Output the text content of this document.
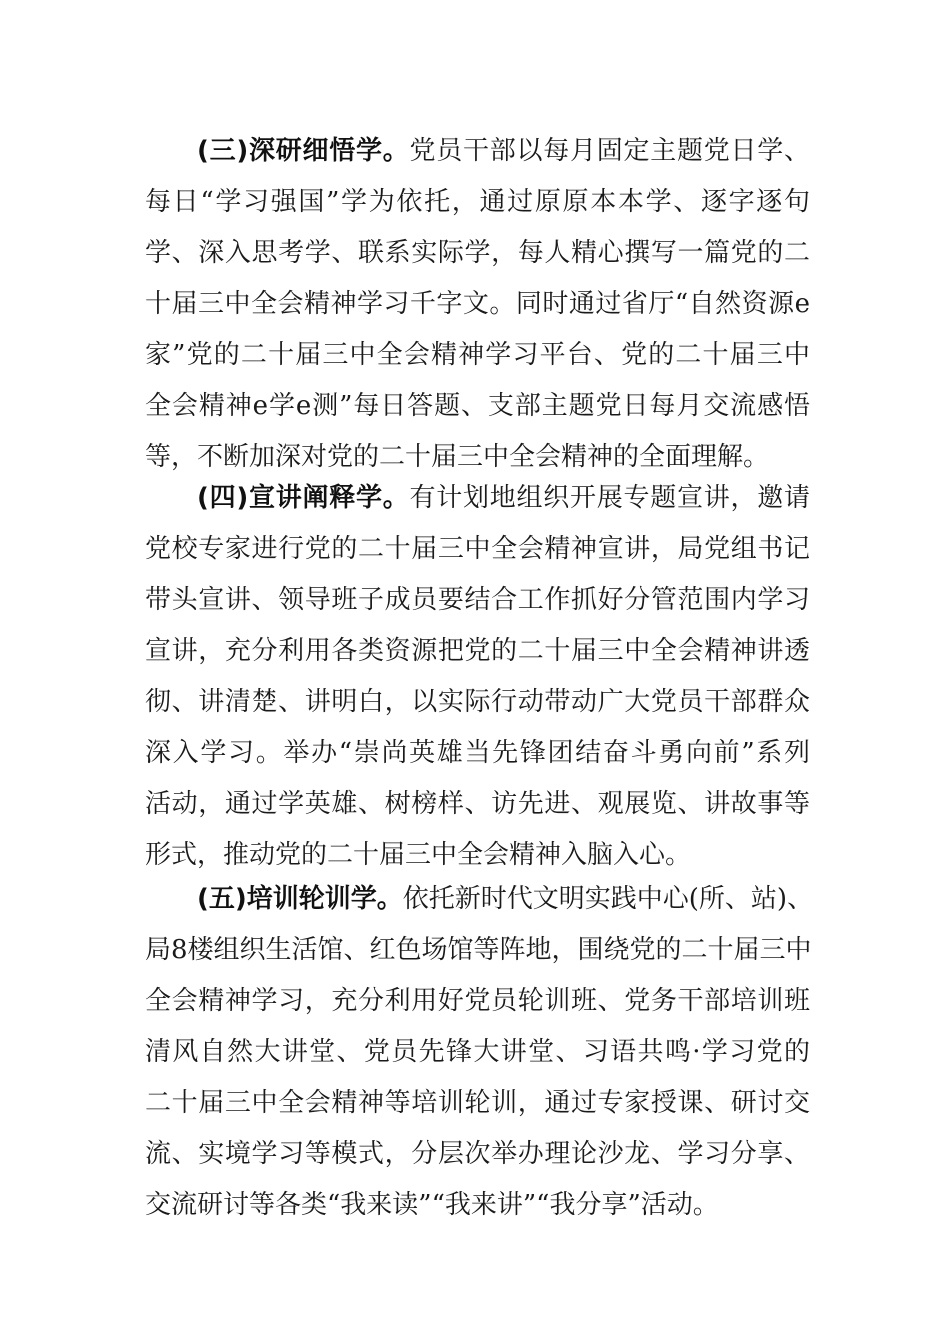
(三)深研细悟学。党员干部以每月固定主题党日学、
每日“学习强国”学为依托，通过原原本本学、逐字逐句
学、深入思考学、联系实际学，每人精心撰写一篇党的二
十届三中全会精神学习千字文。同时通过省厅“自然资源e
家”党的二十届三中全会精神学习平台、党的二十届三中
全会精神e学e测”每日答题、支部主题党日每月交流感悟
等，不断加深对党的二十届三中全会精神的全面理解。
(四)宣讲阐释学。有计划地组织开展专题宣讲，邀请
党校专家进行党的二十届三中全会精神宣讲，局党组书记
带头宣讲、领导班子成员要结合工作抓好分管范围内学习
宣讲，充分利用各类资源把党的二十届三中全会精神讲透
彻、讲清楚、讲明白，以实际行动带动广大党员干部群众
深入学习。举办“崇尚英雄当先锋团结奋斗勇向前”系列
活动，通过学英雄、树榜样、访先进、观展览、讲故事等
形式，推动党的二十届三中全会精神入脑入心。
(五)培训轮训学。依托新时代文明实践中心(所、站)、
局8楼组织生活馆、红色场馆等阵地，围绕党的二十届三中
全会精神学习，充分利用好党员轮训班、党务干部培训班
清风自然大讲堂、党员先锋大讲堂、习语共鸣·学习党的
二十届三中全会精神等培训轮训，通过专家授课、研讨交
流、实境学习等模式，分层次举办理论沙龙、学习分享、
交流研讨等各类“我来读”“我来讲”“我分享”活动。
